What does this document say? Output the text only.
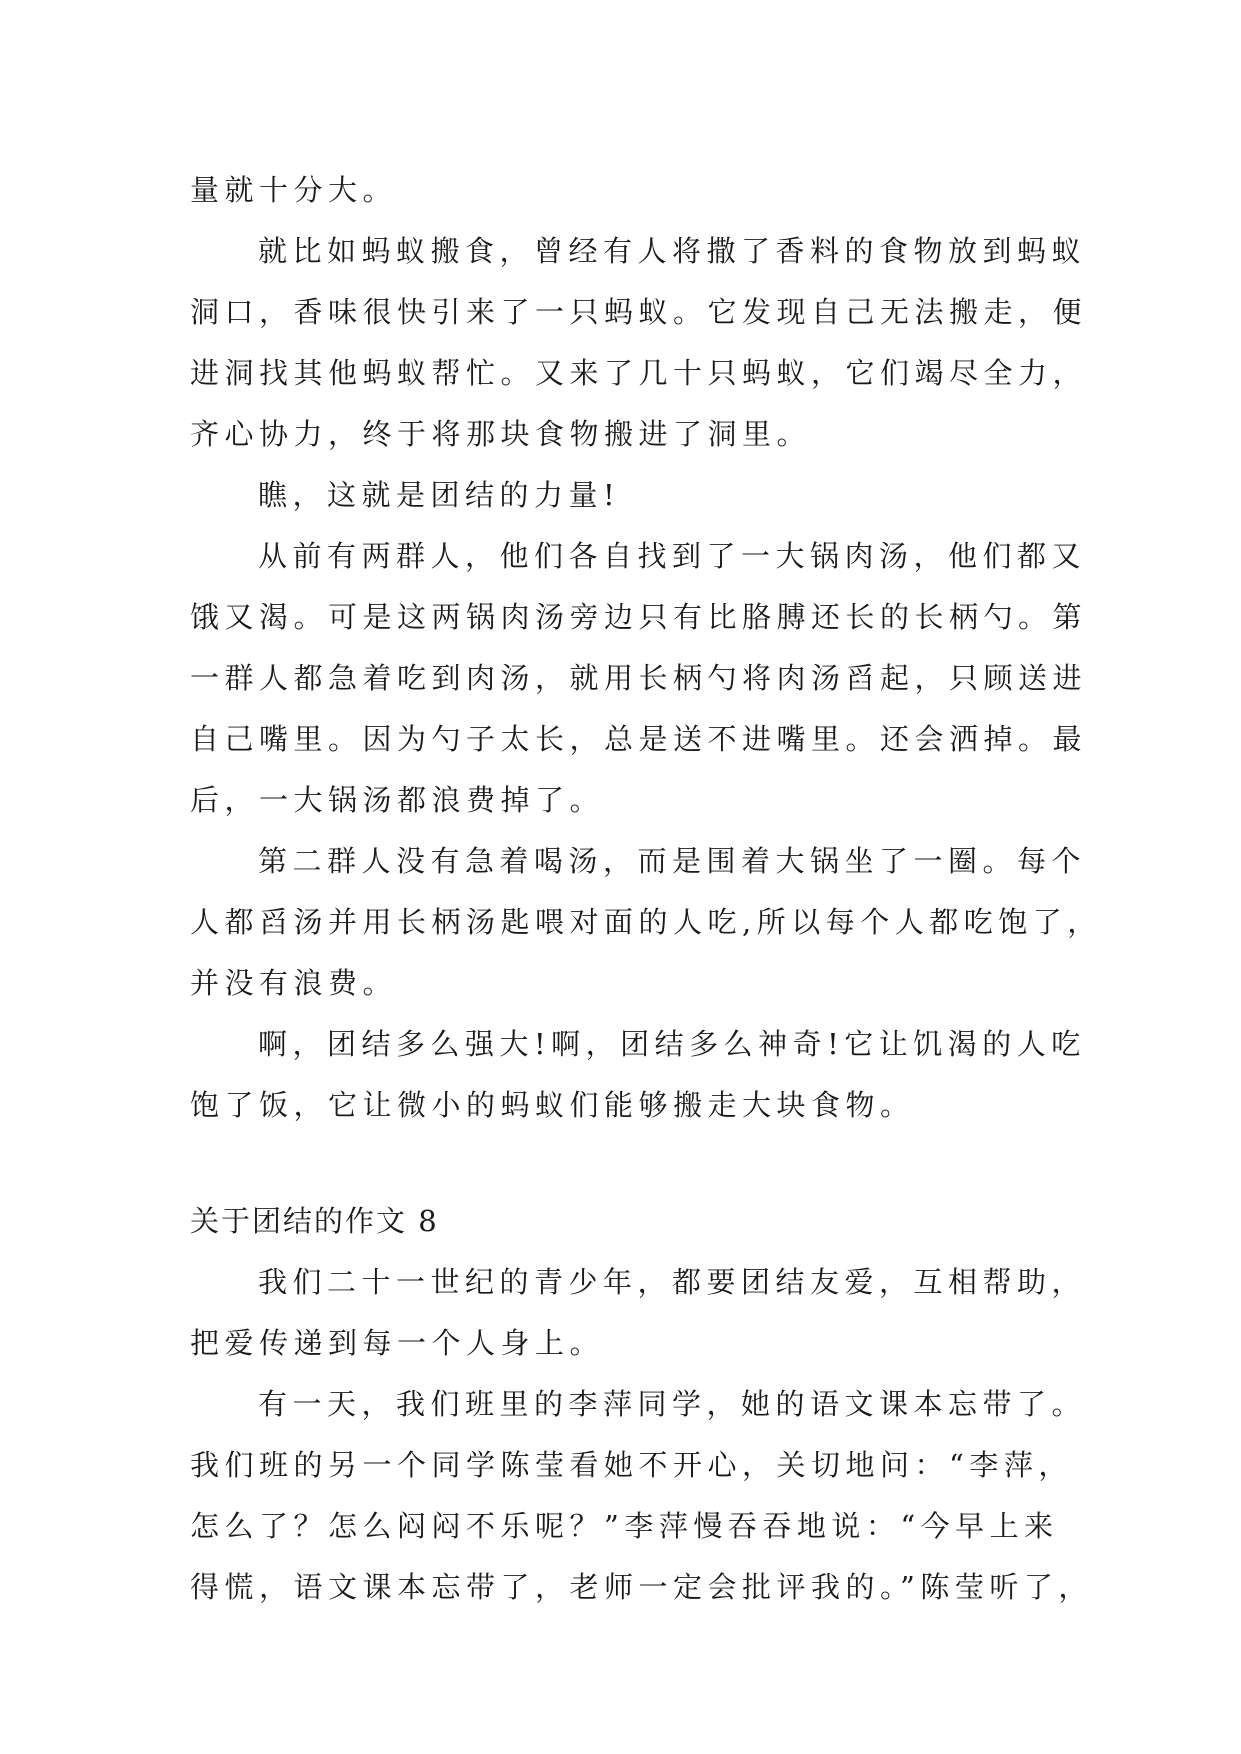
量就十分大。

就比如蚂蚁搬食，曾经有人将撒了香料的食物放到蚂蚁

洞口，香味很快引来了一只蚂蚁。它发现自己无法搬走，便

进洞找其他蚂蚁帮忙。又来了几十只蚂蚁，它们竭尽全力，

齐心协力，终于将那块食物搬进了洞里。

瞧，这就是团结的力量!

从前有两群人，他们各自找到了一大锅肉汤，他们都又

饿又渴。可是这两锅肉汤旁边只有比胳膊还长的长柄勺。第

一群人都急着吃到肉汤，就用长柄勺将肉汤舀起，只顾送进

自己嘴里。因为勺子太长，总是送不进嘴里。还会洒掉。最

后，一大锅汤都浪费掉了。

第二群人没有急着喝汤，而是围着大锅坐了一圈。每个

人都舀汤并用长柄汤匙喂对面的人吃,所以每个人都吃饱了，

并没有浪费。

啊，团结多么强大!啊，团结多么神奇!它让饥渴的人吃

饱了饭，它让微小的蚂蚁们能够搬走大块食物。

关于团结的作文 8

我们二十一世纪的青少年，都要团结友爱，互相帮助，

把爱传递到每一个人身上。

有一天，我们班里的李萍同学，她的语文课本忘带了。

我们班的另一个同学陈莹看她不开心，关切地问：“李萍，

怎么了？怎么闷闷不乐呢？”李萍慢吞吞地说：“今早上来

得慌，语文课本忘带了，老师一定会批评我的。”陈莹听了，
